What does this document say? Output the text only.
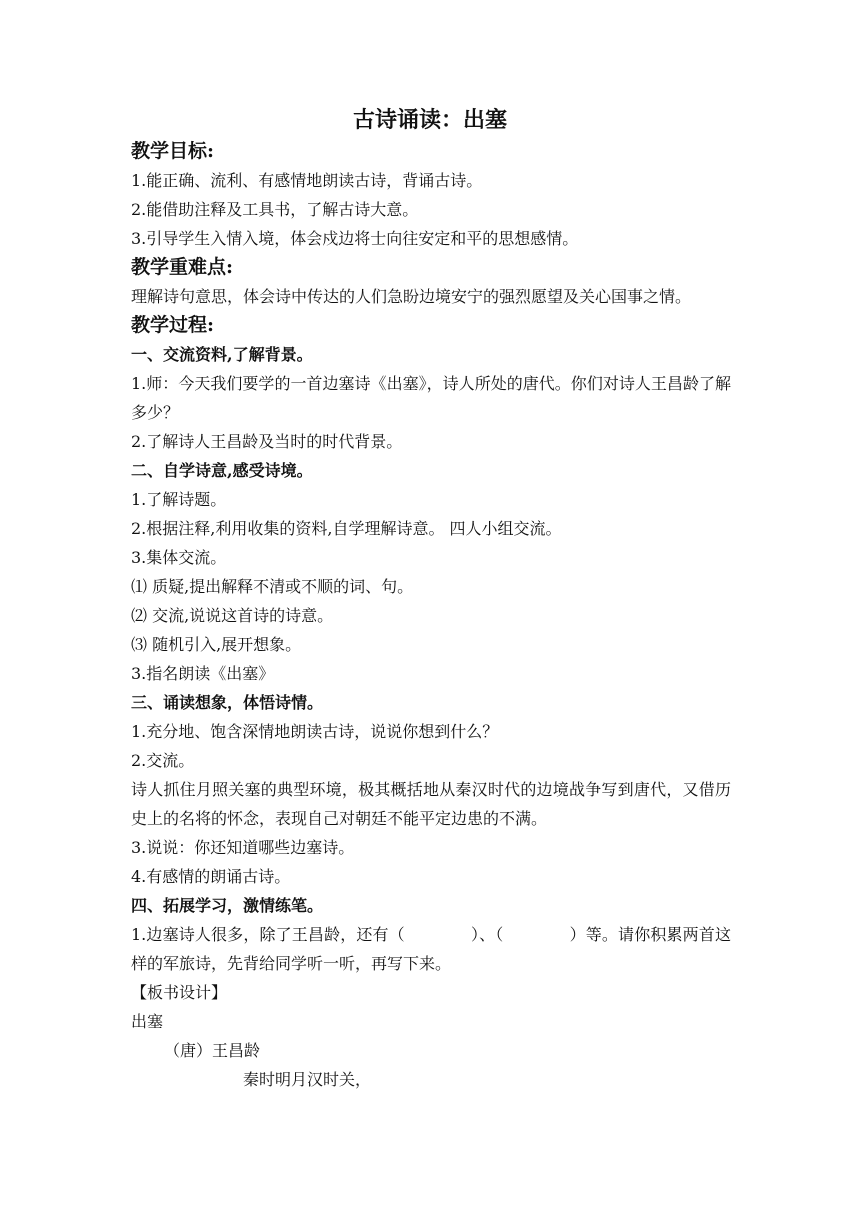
古诗诵读：出塞
教学目标:
1.能正确、流利、有感情地朗读古诗，背诵古诗。
2.能借助注释及工具书，了解古诗大意。
3.引导学生入情入境，体会戍边将士向往安定和平的思想感情。
教学重难点:
理解诗句意思，体会诗中传达的人们急盼边境安宁的强烈愿望及关心国事之情。
教学过程:
一、交流资料,了解背景。
1.师：今天我们要学的一首边塞诗《出塞》，诗人所处的唐代。你们对诗人王昌龄了解多少？
2.了解诗人王昌龄及当时的时代背景。
二、自学诗意,感受诗境。
1.了解诗题。
2.根据注释,利用收集的资料,自学理解诗意。 四人小组交流。
3.集体交流。
⑴ 质疑,提出解释不清或不顺的词、句。
⑵ 交流,说说这首诗的诗意。
⑶ 随机引入,展开想象。
3.指名朗读《出塞》
三、诵读想象，体悟诗情。
1.充分地、饱含深情地朗读古诗，说说你想到什么？
2.交流。
诗人抓住月照关塞的典型环境，极其概括地从秦汉时代的边境战争写到唐代，又借历史上的名将的怀念，表现自己对朝廷不能平定边患的不满。
3.说说：你还知道哪些边塞诗。
4.有感情的朗诵古诗。
四、拓展学习，激情练笔。
1.边塞诗人很多，除了王昌龄，还有（	）、（	）等。请你积累两首这样的军旅诗，先背给同学听一听，再写下来。
【板书设计】
出塞
（唐）王昌龄
秦时明月汉时关，
